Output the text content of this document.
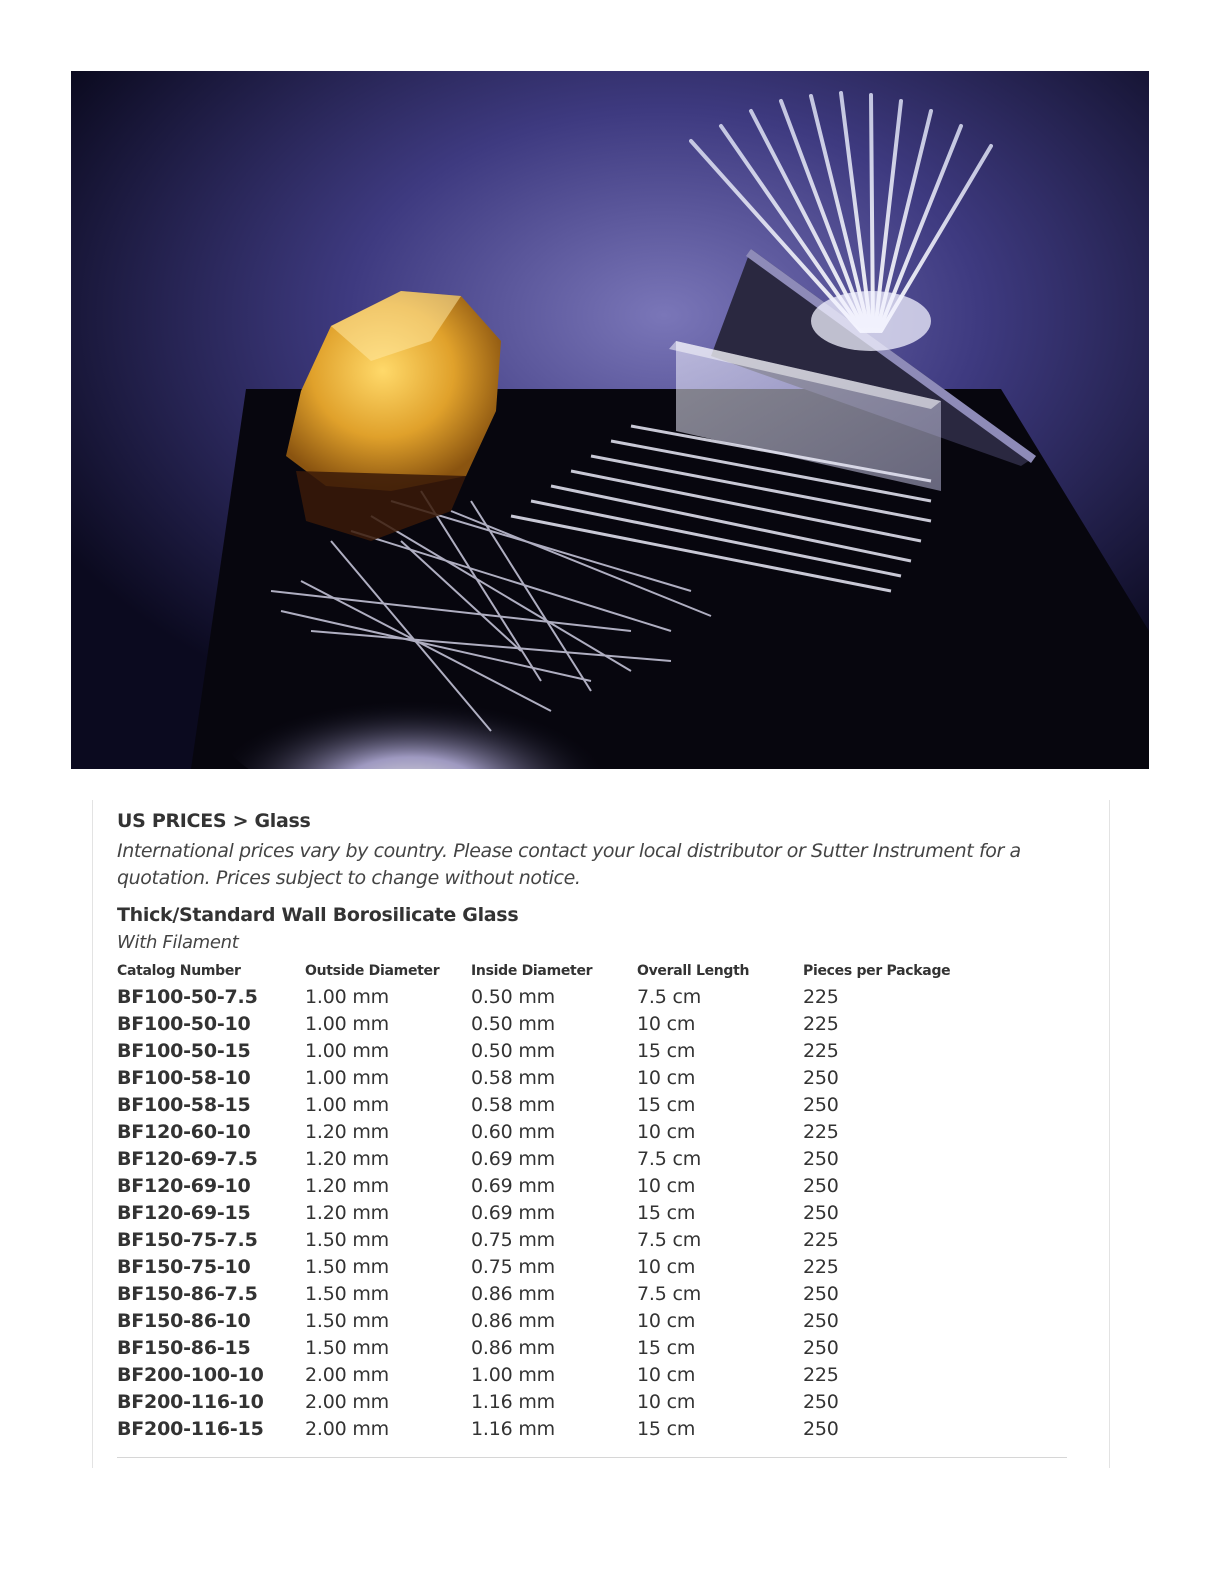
US PRICES > Glass
International prices vary by country. Please contact your local distributor or Sutter Instrument for a quotation. Prices subject to change without notice.
Thick/Standard Wall Borosilicate Glass
With Filament
Catalog Number	Outside Diameter	Inside Diameter	Overall Length	Pieces per Package
BF100-50-7.5	1.00 mm	0.50 mm	7.5 cm	225
BF100-50-10	1.00 mm	0.50 mm	10 cm	225
BF100-50-15	1.00 mm	0.50 mm	15 cm	225
BF100-58-10	1.00 mm	0.58 mm	10 cm	250
BF100-58-15	1.00 mm	0.58 mm	15 cm	250
BF120-60-10	1.20 mm	0.60 mm	10 cm	225
BF120-69-7.5	1.20 mm	0.69 mm	7.5 cm	250
BF120-69-10	1.20 mm	0.69 mm	10 cm	250
BF120-69-15	1.20 mm	0.69 mm	15 cm	250
BF150-75-7.5	1.50 mm	0.75 mm	7.5 cm	225
BF150-75-10	1.50 mm	0.75 mm	10 cm	225
BF150-86-7.5	1.50 mm	0.86 mm	7.5 cm	250
BF150-86-10	1.50 mm	0.86 mm	10 cm	250
BF150-86-15	1.50 mm	0.86 mm	15 cm	250
BF200-100-10	2.00 mm	1.00 mm	10 cm	225
BF200-116-10	2.00 mm	1.16 mm	10 cm	250
BF200-116-15	2.00 mm	1.16 mm	15 cm	250
